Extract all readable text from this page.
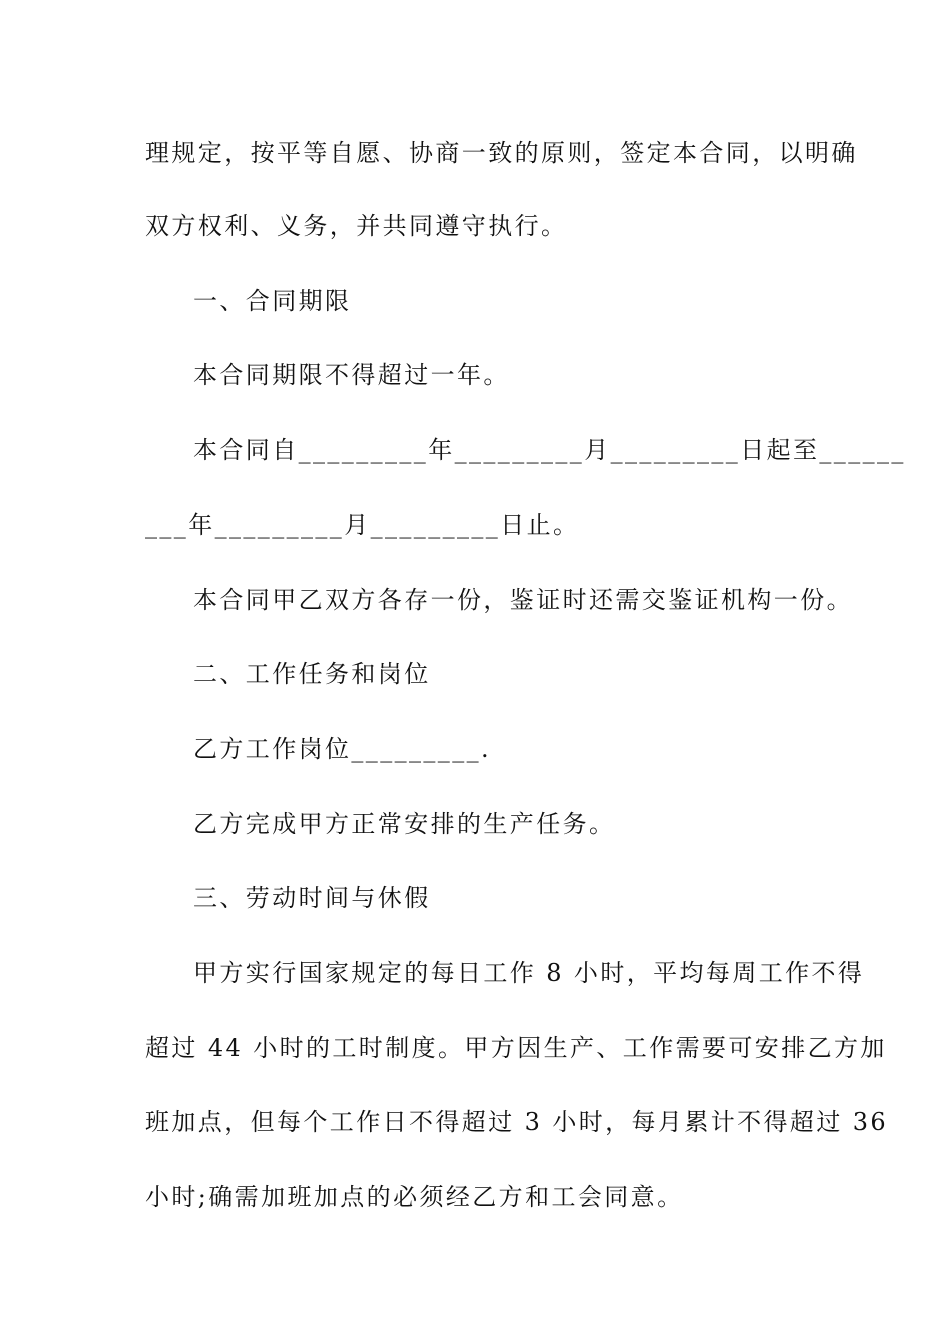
理规定，按平等自愿、协商一致的原则，签定本合同，以明确
双方权利、义务，并共同遵守执行。
一、合同期限
本合同期限不得超过一年。
本合同自_________年_________月_________日起至______
___年_________月_________日止。
本合同甲乙双方各存一份，鉴证时还需交鉴证机构一份。
二、工作任务和岗位
乙方工作岗位_________.
乙方完成甲方正常安排的生产任务。
三、劳动时间与休假
甲方实行国家规定的每日工作 8 小时，平均每周工作不得
超过 44 小时的工时制度。甲方因生产、工作需要可安排乙方加
班加点，但每个工作日不得超过 3 小时，每月累计不得超过 36
小时;确需加班加点的必须经乙方和工会同意。
